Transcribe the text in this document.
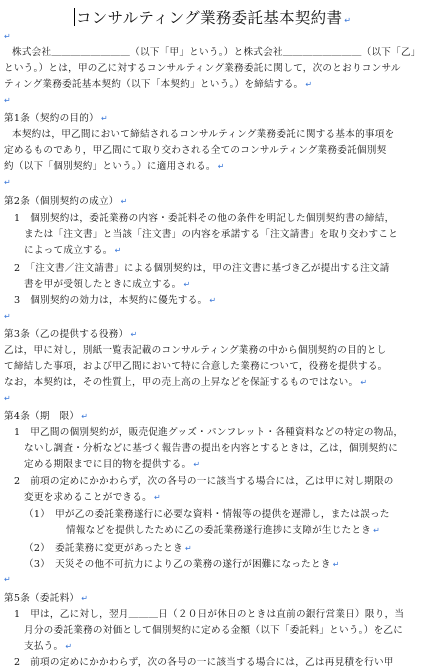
コンサルティング業務委託基本契約書 ↵
↵
株式会社＿＿＿＿＿＿＿＿（以下「甲」という。）と株式会社＿＿＿＿＿＿＿＿（以下「乙」
という。）とは，甲の乙に対するコンサルティング業務委託に関して，次のとおりコンサル
ティング業務委託基本契約（以下「本契約」という。）を締結する。 ↵
↵
第1条（契約の目的） ↵
本契約は，甲乙間において締結されるコンサルティング業務委託に関する基本的事項を
定めるものであり，甲乙間にて取り交わされる全てのコンサルティング業務委託個別契
約（以下「個別契約」という。）に適用される。 ↵
↵
第2条（個別契約の成立） ↵
1　個別契約は，委託業務の内容・委託料その他の条件を明記した個別契約書の締結，
または「注文書」と当該「注文書」の内容を承諾する「注文請書」を取り交わすこと
によって成立する。 ↵
2　「注文書／注文請書」による個別契約は，甲の注文書に基づき乙が提出する注文請
書を甲が受領したときに成立する。 ↵
3　個別契約の効力は，本契約に優先する。 ↵
↵
第3条（乙の提供する役務） ↵
乙は，甲に対し，別紙一覧表記載のコンサルティング業務の中から個別契約の目的とし
て締結した事項，および甲乙間において特に合意した業務について，役務を提供する。
なお，本契約は，その性質上，甲の売上高の上昇などを保証するものではない。 ↵
↵
第4条（期　限） ↵
1　甲乙間の個別契約が，販売促進グッズ・パンフレット・各種資料などの特定の物品，
ないし調査・分析などに基づく報告書の提出を内容とするときは，乙は，個別契約に
定める期限までに目的物を提供する。 ↵
2　前項の定めにかかわらず，次の各号の一に該当する場合には，乙は甲に対し期限の
変更を求めることができる。 ↵
（1）　甲が乙の委託業務遂行に必要な資料・情報等の提供を遅滞し，または誤った
情報などを提供したために乙の委託業務遂行進捗に支障が生じたとき ↵
（2）　委託業務に変更があったとき ↵
（3）　天災その他不可抗力により乙の業務の遂行が困難になったとき ↵
↵
第5条（委託料） ↵
1　甲は，乙に対し，翌月＿＿＿日（２０日が休日のときは直前の銀行営業日）限り，当
月分の委託業務の対価として個別契約に定める金額（以下「委託料」という。）を乙に
支払う。 ↵
2　前項の定めにかかわらず，次の各号の一に該当する場合には，乙は再見積を行い甲
